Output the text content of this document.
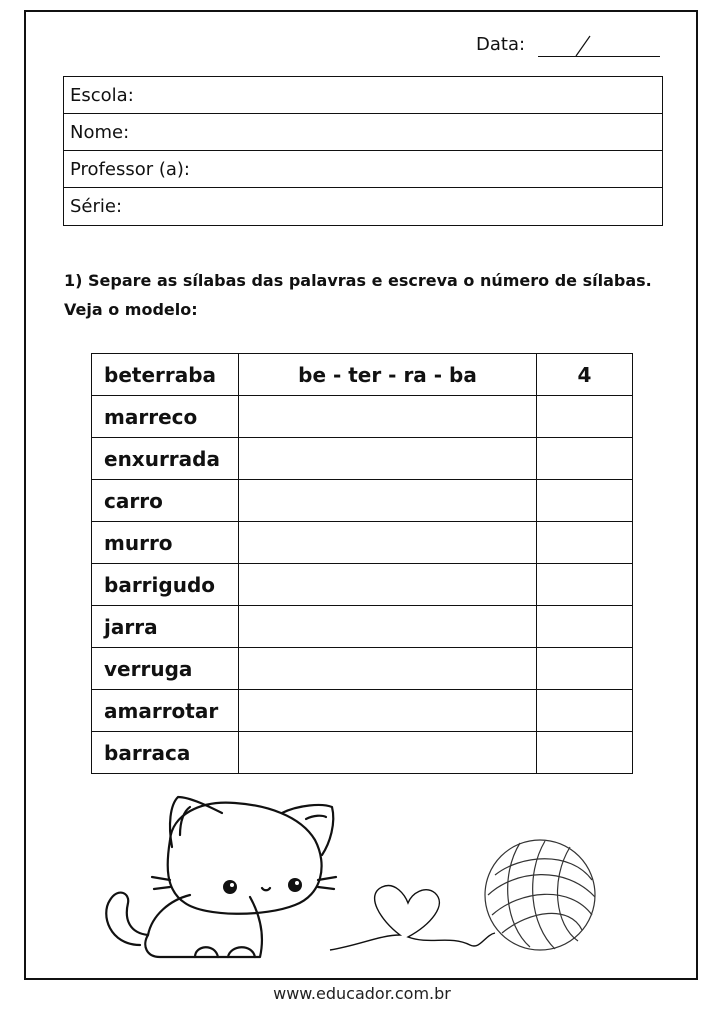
Data:
Escola:
Nome:
Professor (a):
Série:
1) Separe as sílabas das palavras e escreva o número de sílabas.
Veja o modelo:
beterraba	be - ter - ra - ba	4
marreco		
enxurrada		
carro		
murro		
barrigudo		
jarra		
verruga		
amarrotar		
barraca		
www.educador.com.br
